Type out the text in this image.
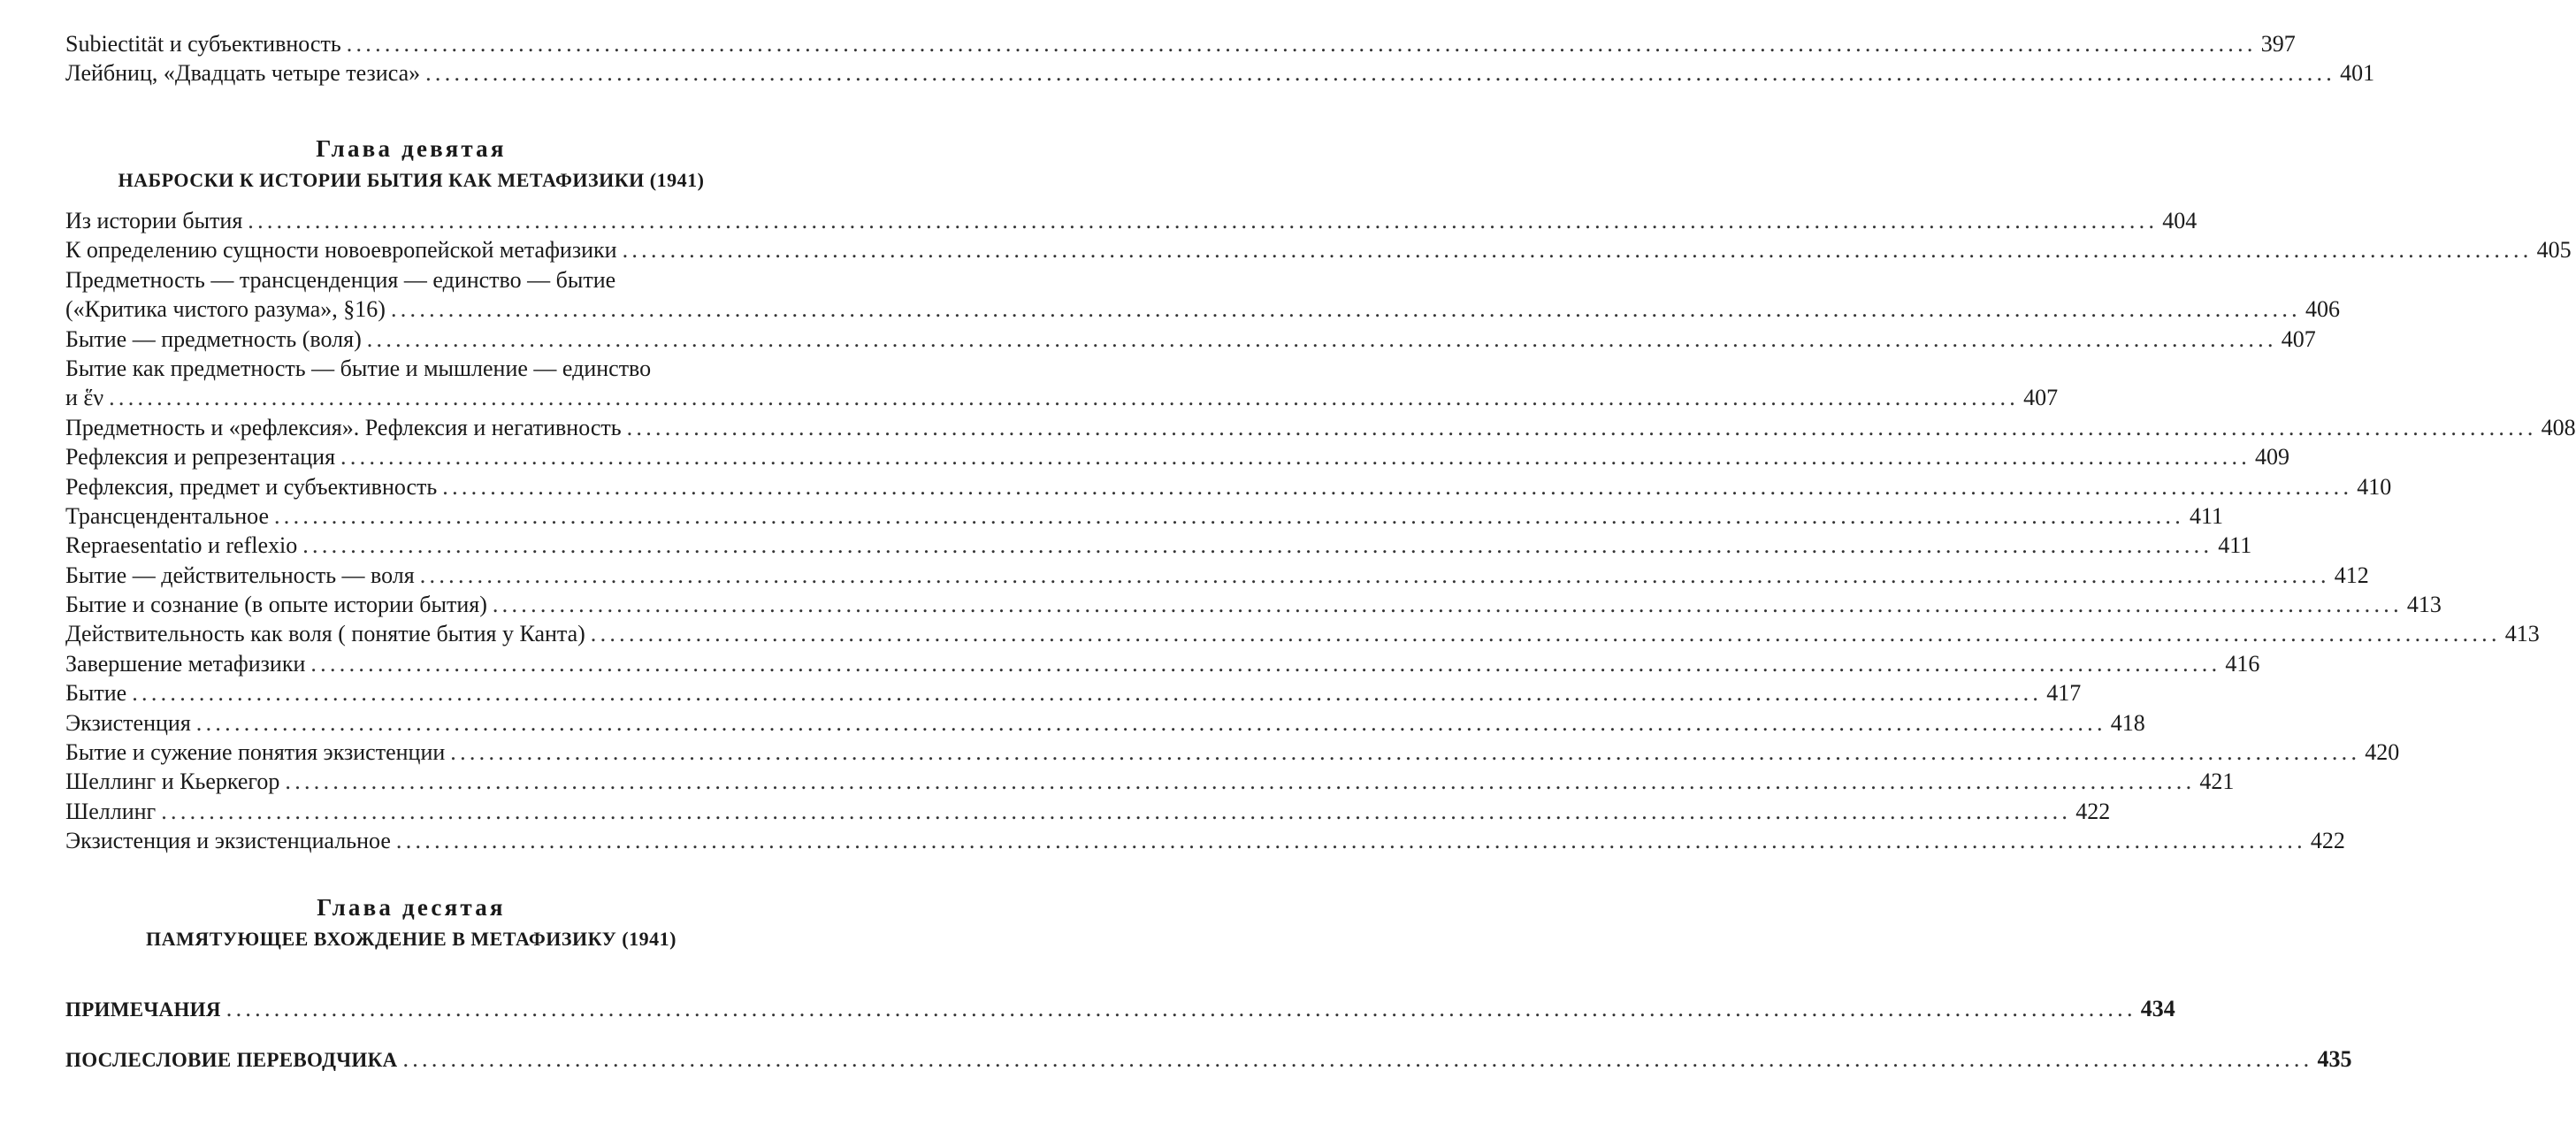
Subiectität и субъективность ........................................................................................................................................................................................................ 397
Лейбниц, «Двадцать четыре тезиса» ........................................................................................................................................................................................................ 401
Глава девятая
НАБРОСКИ К ИСТОРИИ БЫТИЯ КАК МЕТАФИЗИКИ (1941)
Из истории бытия ........................................................................................................................................................................................................ 404
К определению сущности новоевропейской метафизики ........................................................................................................................................................................................................ 405
Предметность — трансценденция — единство — бытие
(«Критика чистого разума», §16) ........................................................................................................................................................................................................ 406
Бытие — предметность (воля) ........................................................................................................................................................................................................ 407
Бытие как предметность — бытие и мышление — единство
и ἕν ........................................................................................................................................................................................................ 407
Предметность и «рефлексия». Рефлексия и негативность ........................................................................................................................................................................................................ 408
Рефлексия и репрезентация ........................................................................................................................................................................................................ 409
Рефлексия, предмет и субъективность ........................................................................................................................................................................................................ 410
Трансцендентальное ........................................................................................................................................................................................................ 411
Repraesentatio и reflexio ........................................................................................................................................................................................................ 411
Бытие — действительность — воля ........................................................................................................................................................................................................ 412
Бытие и сознание (в опыте истории бытия) ........................................................................................................................................................................................................ 413
Действительность как воля ( понятие бытия у Канта) ........................................................................................................................................................................................................ 413
Завершение метафизики ........................................................................................................................................................................................................ 416
Бытие ........................................................................................................................................................................................................ 417
Экзистенция ........................................................................................................................................................................................................ 418
Бытие и сужение понятия экзистенции ........................................................................................................................................................................................................ 420
Шеллинг и Кьеркегор ........................................................................................................................................................................................................ 421
Шеллинг ........................................................................................................................................................................................................ 422
Экзистенция и экзистенциальное ........................................................................................................................................................................................................ 422
Глава десятая
ПАМЯТУЮЩЕЕ ВХОЖДЕНИЕ В МЕТАФИЗИКУ (1941)
ПРИМЕЧАНИЯ ........................................................................................................................................................................................................ 434
ПОСЛЕСЛОВИЕ ПЕРЕВОДЧИКА ........................................................................................................................................................................................................ 435
